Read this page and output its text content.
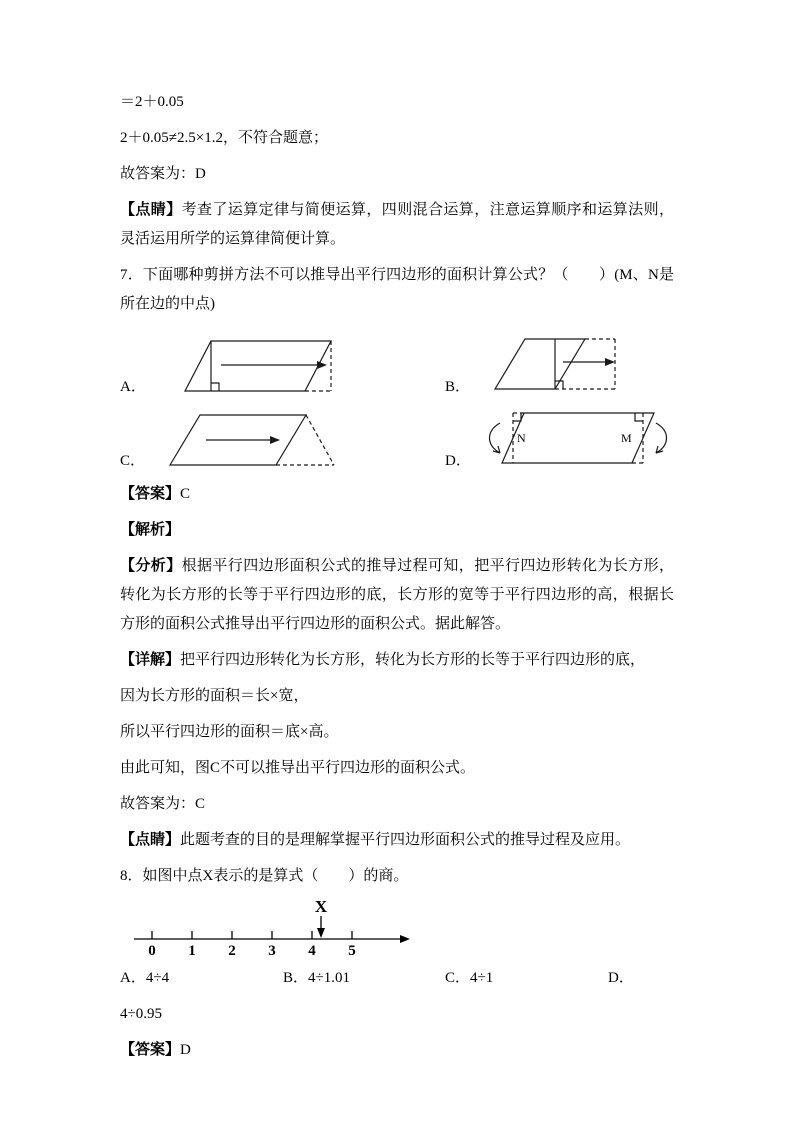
＝2＋0.05

2＋0.05≠2.5×1.2，不符合题意；

故答案为：D

【点睛】考查了运算定律与简便运算，四则混合运算，注意运算顺序和运算法则，灵活运用所学的运算律简便计算。

7．下面哪种剪拼方法不可以推导出平行四边形的面积计算公式？（　　）(M、N是所在边的中点)

A．	B．
C．	D．
N	M

【答案】C

【解析】

【分析】根据平行四边形面积公式的推导过程可知，把平行四边形转化为长方形，转化为长方形的长等于平行四边形的底，长方形的宽等于平行四边形的高，根据长方形的面积公式推导出平行四边形的面积公式。据此解答。

【详解】把平行四边形转化为长方形，转化为长方形的长等于平行四边形的底，

因为长方形的面积＝长×宽，

所以平行四边形的面积＝底×高。

由此可知，图C不可以推导出平行四边形的面积公式。

故答案为：C

【点睛】此题考查的目的是理解掌握平行四边形面积公式的推导过程及应用。

8．如图中点X表示的是算式（　　）的商。

X
0 1 2 3 4 5
A．4÷4	B．4÷1.01	C．4÷1	D．

4÷0.95

【答案】D
